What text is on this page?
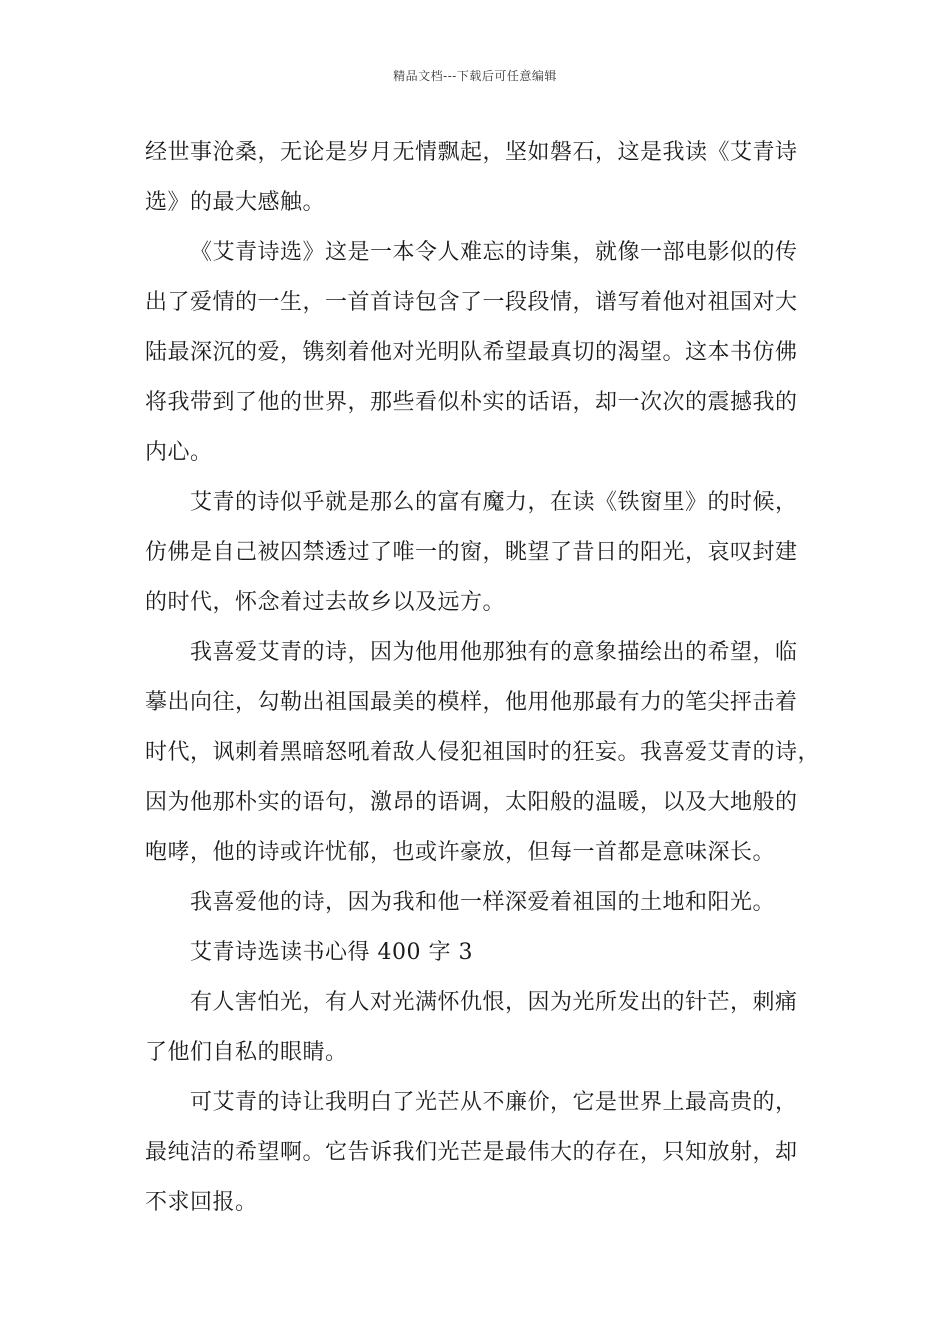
精品文档---下载后可任意编辑

经世事沧桑，无论是岁月无情飘起，坚如磐石，这是我读《艾青诗
选》的最大感触。

《艾青诗选》这是一本令人难忘的诗集，就像一部电影似的传
出了爱情的一生，一首首诗包含了一段段情，谱写着他对祖国对大
陆最深沉的爱，镌刻着他对光明队希望最真切的渴望。这本书仿佛
将我带到了他的世界，那些看似朴实的话语，却一次次的震撼我的
内心。

艾青的诗似乎就是那么的富有魔力，在读《铁窗里》的时候，
仿佛是自己被囚禁透过了唯一的窗，眺望了昔日的阳光，哀叹封建
的时代，怀念着过去故乡以及远方。

我喜爱艾青的诗，因为他用他那独有的意象描绘出的希望，临
摹出向往，勾勒出祖国最美的模样，他用他那最有力的笔尖抨击着
时代，讽刺着黑暗怒吼着敌人侵犯祖国时的狂妄。我喜爱艾青的诗，
因为他那朴实的语句，激昂的语调，太阳般的温暖，以及大地般的
咆哮，他的诗或许忧郁，也或许豪放，但每一首都是意味深长。

我喜爱他的诗，因为我和他一样深爱着祖国的土地和阳光。

艾青诗选读书心得 400 字 3

有人害怕光，有人对光满怀仇恨，因为光所发出的针芒，刺痛
了他们自私的眼睛。

可艾青的诗让我明白了光芒从不廉价，它是世界上最高贵的，
最纯洁的希望啊。它告诉我们光芒是最伟大的存在，只知放射，却
不求回报。
